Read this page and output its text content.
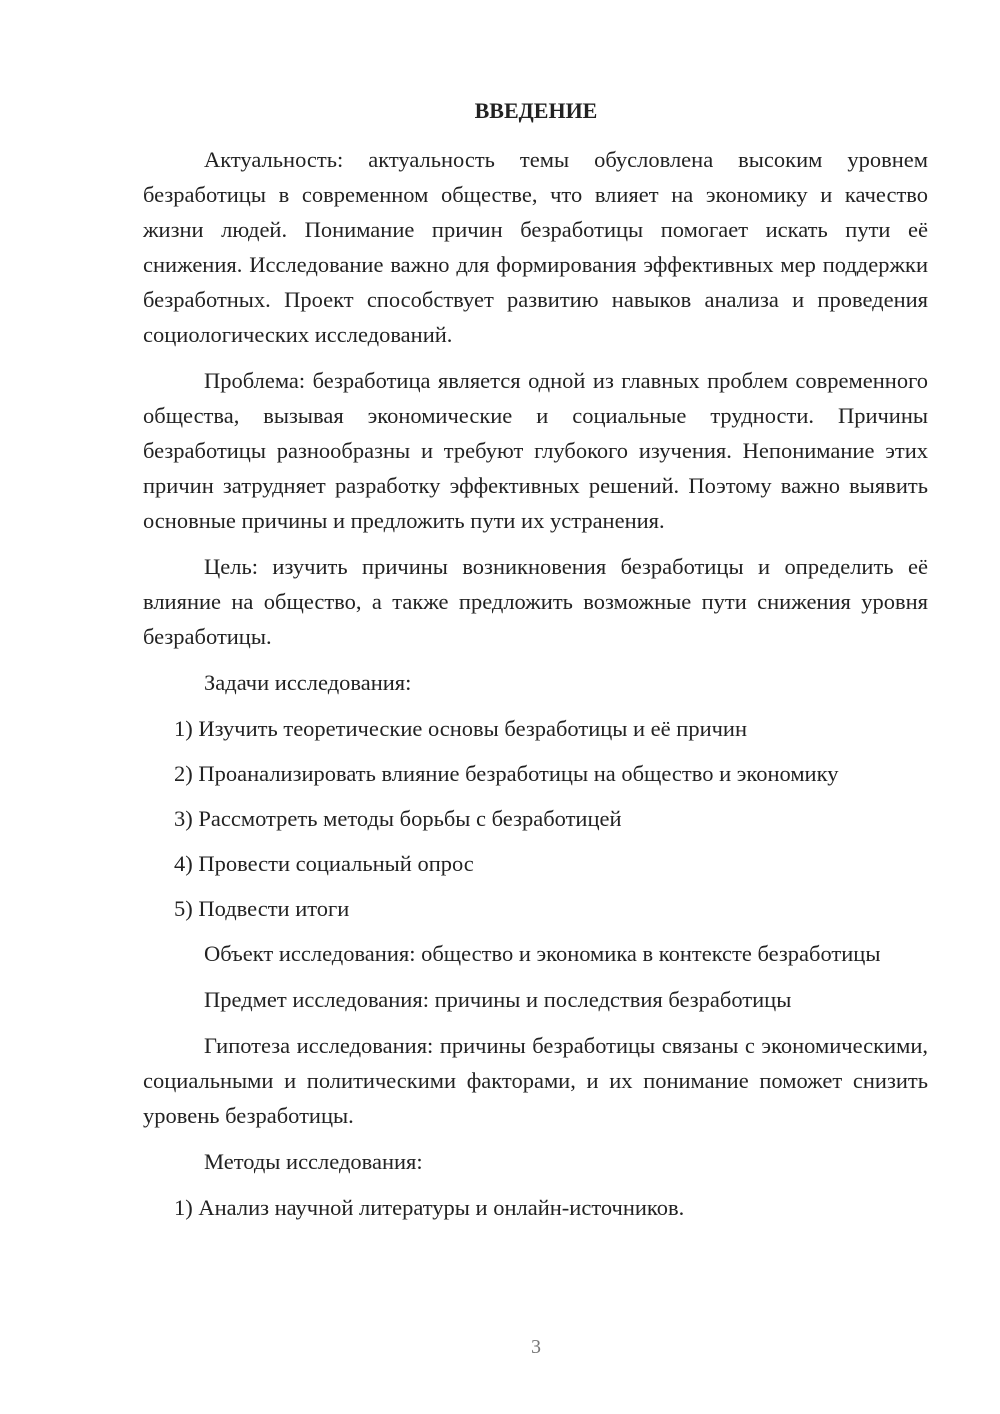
ВВЕДЕНИЕ

Актуальность: актуальность темы обусловлена высоким уровнем безработицы в современном обществе, что влияет на экономику и качество жизни людей. Понимание причин безработицы помогает искать пути её снижения. Исследование важно для формирования эффективных мер поддержки безработных. Проект способствует развитию навыков анализа и проведения социологических исследований.

Проблема: безработица является одной из главных проблем современного общества, вызывая экономические и социальные трудности. Причины безработицы разнообразны и требуют глубокого изучения. Непонимание этих причин затрудняет разработку эффективных решений. Поэтому важно выявить основные причины и предложить пути их устранения.

Цель: изучить причины возникновения безработицы и определить её влияние на общество, а также предложить возможные пути снижения уровня безработицы.

Задачи исследования:

1) Изучить теоретические основы безработицы и её причин
2) Проанализировать влияние безработицы на общество и экономику
3) Рассмотреть методы борьбы с безработицей
4) Провести социальный опрос
5) Подвести итоги

Объект исследования: общество и экономика в контексте безработицы

Предмет исследования: причины и последствия безработицы

Гипотеза исследования: причины безработицы связаны с экономическими, социальными и политическими факторами, и их понимание поможет снизить уровень безработицы.

Методы исследования:

1) Анализ научной литературы и онлайн-источников.
3
